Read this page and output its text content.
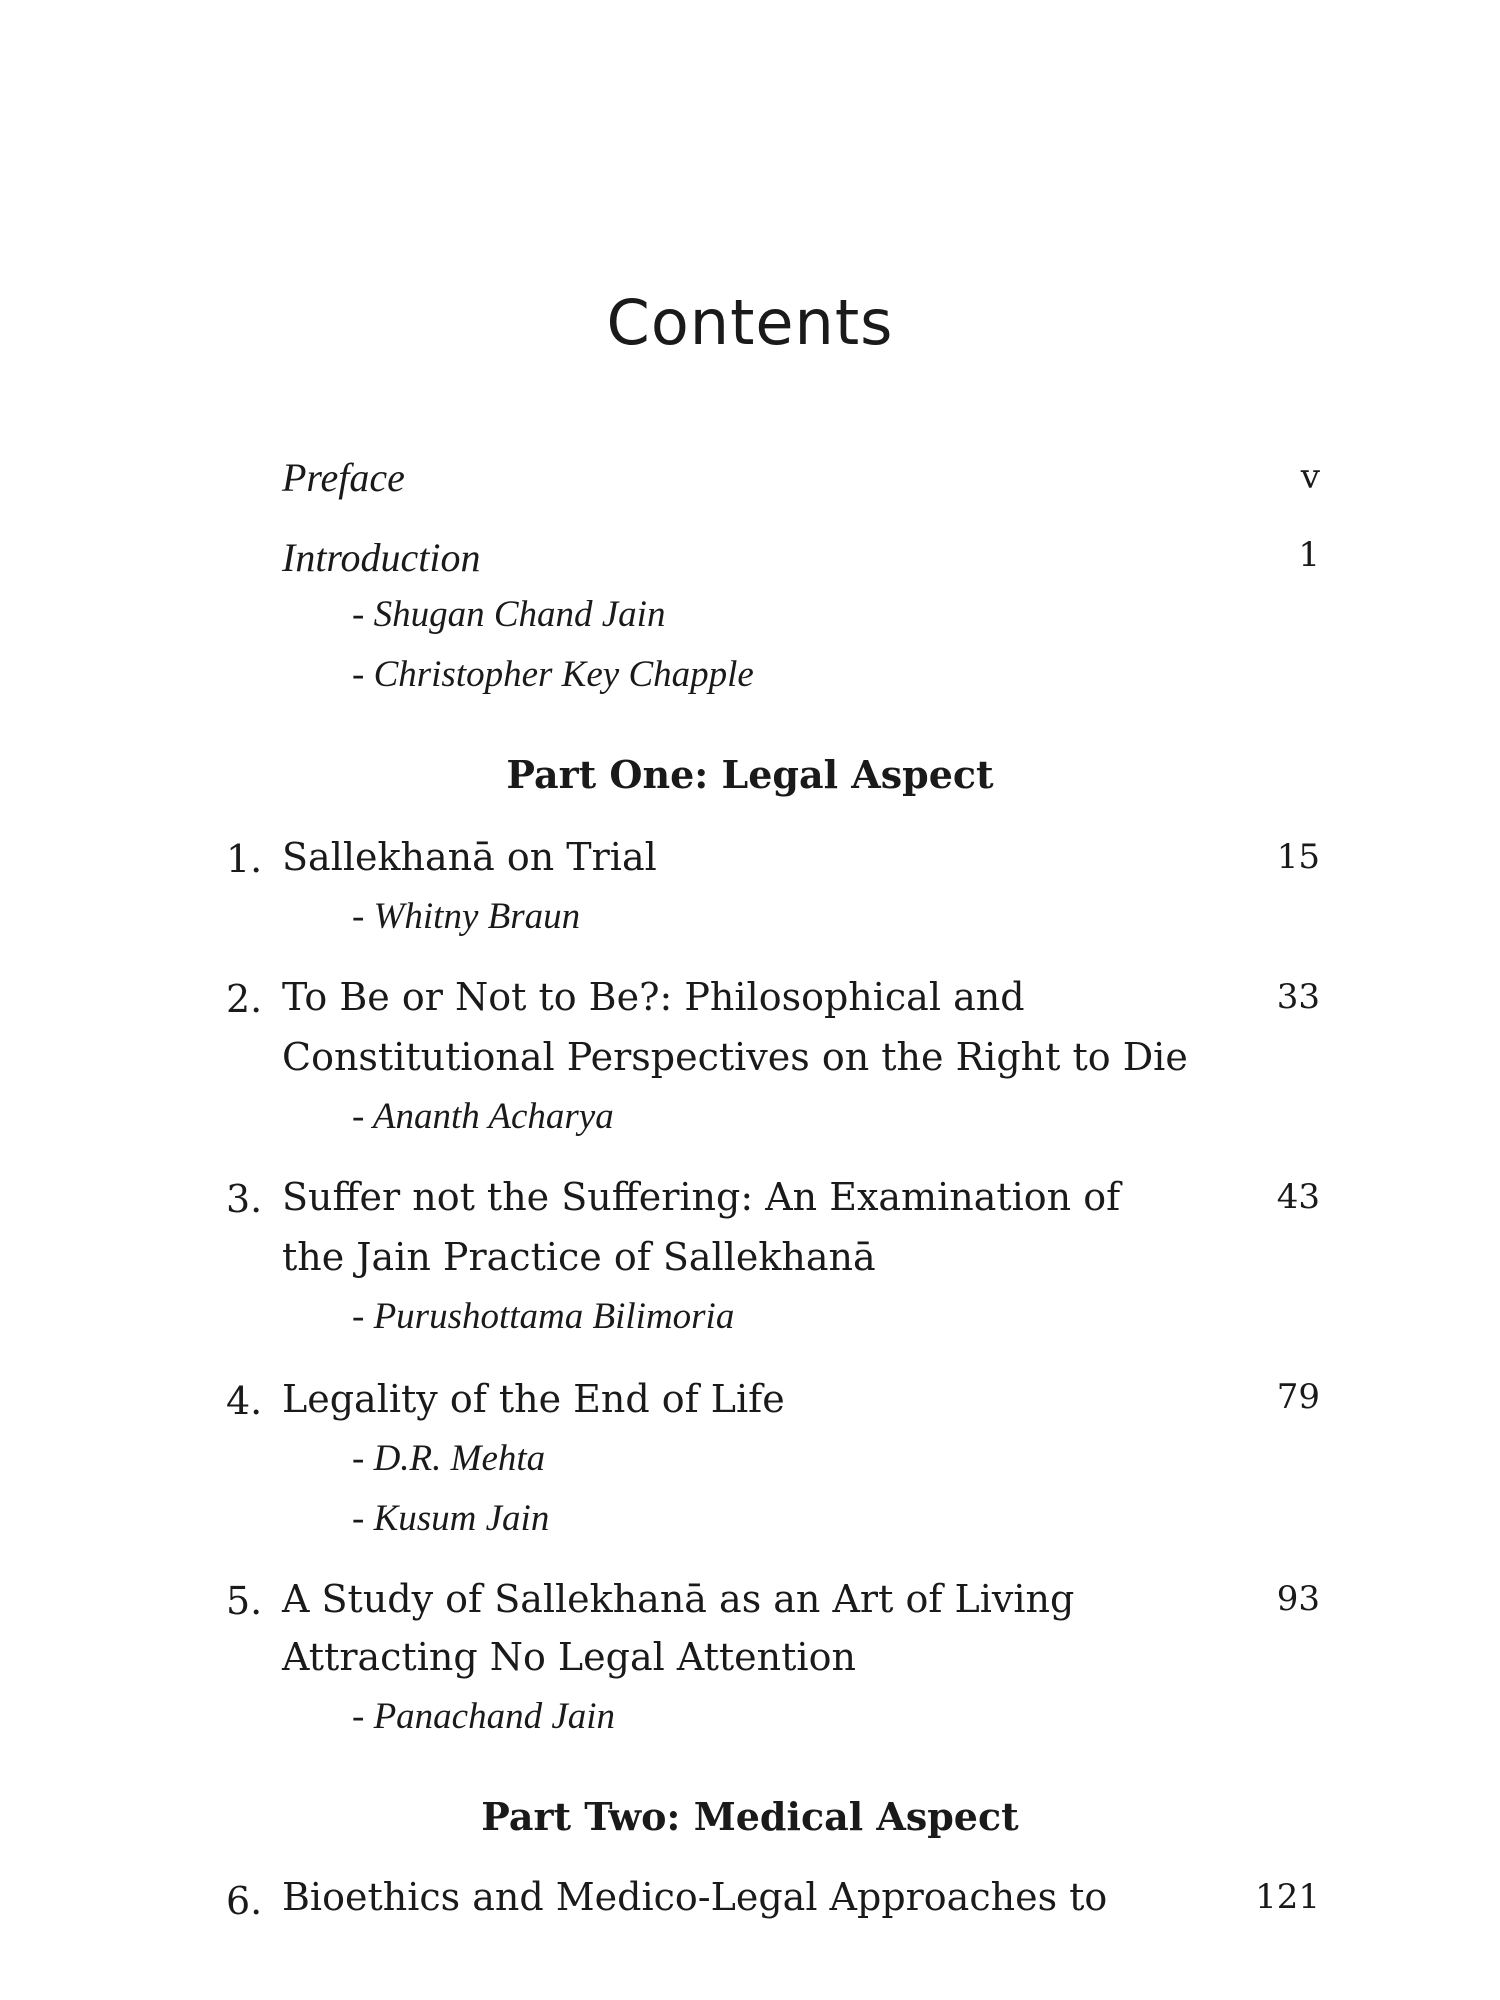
Contents
Preface	v
Introduction	1
- Shugan Chand Jain
- Christopher Key Chapple
Part One: Legal Aspect
1. Sallekhanā on Trial	15
- Whitny Braun
2. To Be or Not to Be?: Philosophical and	33
Constitutional Perspectives on the Right to Die
- Ananth Acharya
3. Suffer not the Suffering: An Examination of	43
the Jain Practice of Sallekhanā
- Purushottama Bilimoria
4. Legality of the End of Life	79
- D.R. Mehta
- Kusum Jain
5. A Study of Sallekhanā as an Art of Living	93
Attracting No Legal Attention
- Panachand Jain
Part Two: Medical Aspect
6. Bioethics and Medico-Legal Approaches to	121
